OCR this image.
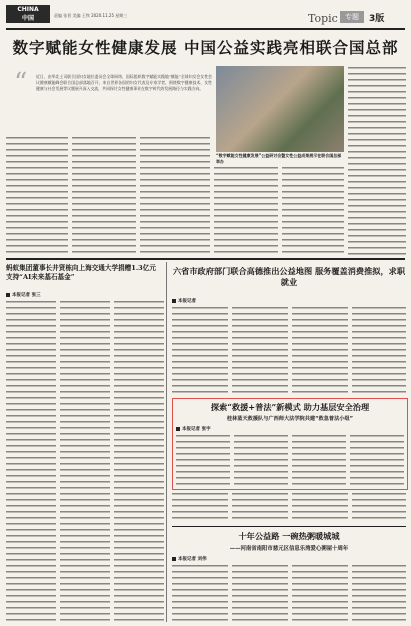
CHINA
中国	责编 张晋 美编 王铁 2020.11.25 星期三	Topic	专题	3版
数字赋能女性健康发展 中国公益实践亮相联合国总部
“ 近日，由华北土司联合国妇女地位委员会全球网络、国际组织数字赋能实践地“赋能”全球妇女会女性会议健康赋能峰会联合国总部落地召开，来自世界各国的妇女代表及专家学者，围绕数字健康技术、女性健康与社会发展等议题展开深入交流，共同探讨女性健康事业在数字时代的发展路径与实践方向。
“数字赋能女性健康发展”公益研讨会暨女性公益成果展示在联合国总部举办
蚂蚁集团董事长井贤栋向上海交通大学捐赠1.3亿元 支持“AI未来基石基金”
本报记者 张三
六省市政府部门联合高德推出公益地图 服务覆盖消费推拟，求职就业
本报记者
探索“救援+普法”新模式 助力基层安全治理
桂林蓝天救援队与广西师大法学院共建“救急普法小组”
本报记者 张宇
十年公益路 一碗热粥暖城城
——河南省南阳市慈元区信息乐湾爱心粥屋十周年
本报记者 刘伟
